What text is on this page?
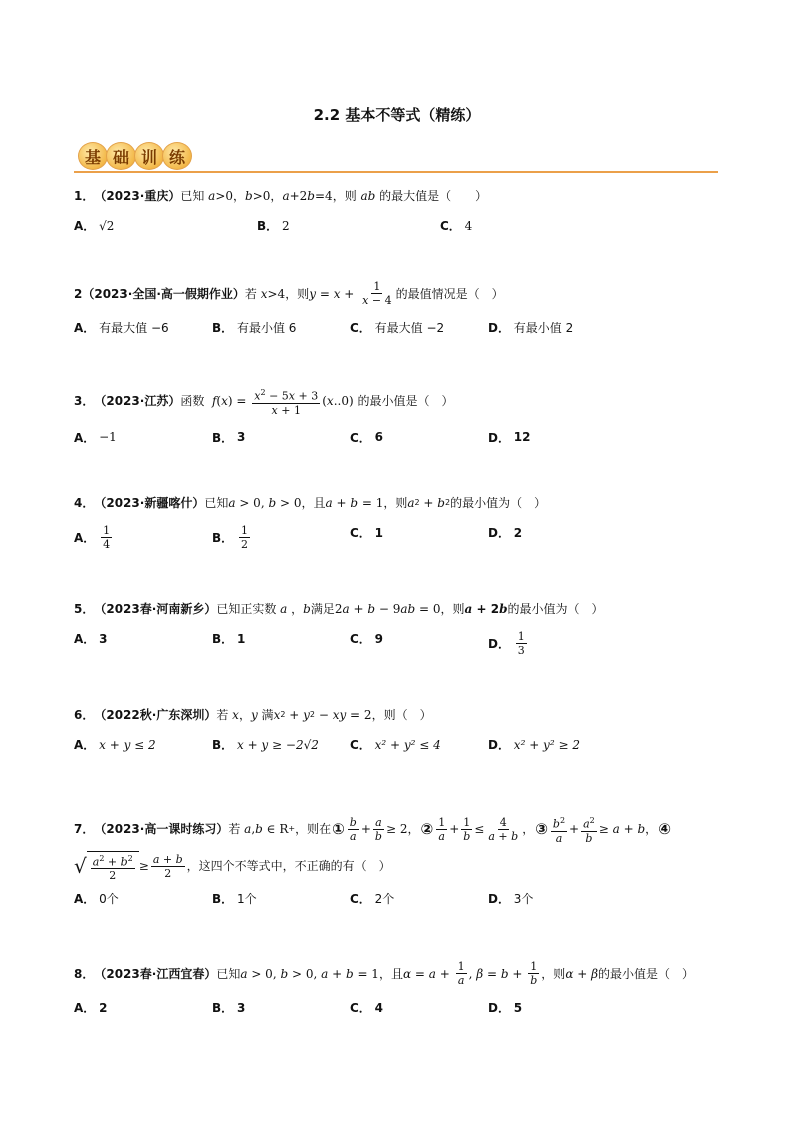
2.2 基本不等式（精练）
基 础 训 练
1． （2023·重庆） 已知 a >0 ， b >0 ， a +2 b =4 ，则 ab 的最大值是（　　）
A．
√2	B．
2	C．
4
2 （2023·全国·高一假期作业） 若 x >4 ，则 $y = x + \frac{1}{x - 4}$ 的最值情况是（　）
A．
有最大值 −6	B．
有最小值 6	C．
有最大值 −2	D．
有最小值 2
3． （2023·江苏） 函数 f ( x ) = $\frac{x^2 - 5x + 3}{x + 1}$ ( x ..0) 的最小值是（　）
A．
−1	B．
3	C．
6	D．
12
4． （2023·新疆喀什） 已知 a > 0, b > 0 ，且 a + b = 1 ，则 a 2 + b 2 的最小值为（　）
A．
$\frac{1}{4}$	B．
$\frac{1}{2}$	C．
1	D．
2
5． （2023春·河南新乡） 已知正实数 a ， b 满足 2 a + b − 9 ab = 0 ，则 a + 2 b 的最小值为（　）
A．
3	B．
1	C．
9	D．
$\frac{1}{3}$
6． （2022秋·广东深圳） 若 x ， y 满 x 2 + y 2 − xy = 2 ，则（　）
A．
x + y ≤ 2	B．
x + y ≥ −2√2	C．
x² + y² ≤ 4	D．
x² + y² ≥ 2
7． （2023·高一课时练习） 若 a , b ∈ R + ，则在 ① $\frac{b}{a} + \frac{a}{b} \ge 2$ ， ② $\frac{1}{a} + \frac{1}{b} \le \frac{4}{a + b}$ ， ③ $\frac{b^2}{a} + \frac{a^2}{b} \ge a + b$ ， ④
√ $\frac{a^2 + b^2}{2} \ge \frac{a + b}{2}$ ，这四个不等式中，不正确的有（　）
A．
0个	B．
1个	C．
2个	D．
3个
8． （2023春·江西宜春） 已知 a > 0, b > 0, a + b = 1 ，且 $\alpha = a + \frac{1}{a}$ , $\beta = b + \frac{1}{b}$ ，则 α + β 的最小值是（　）
A．
2	B．
3	C．
4	D．
5
